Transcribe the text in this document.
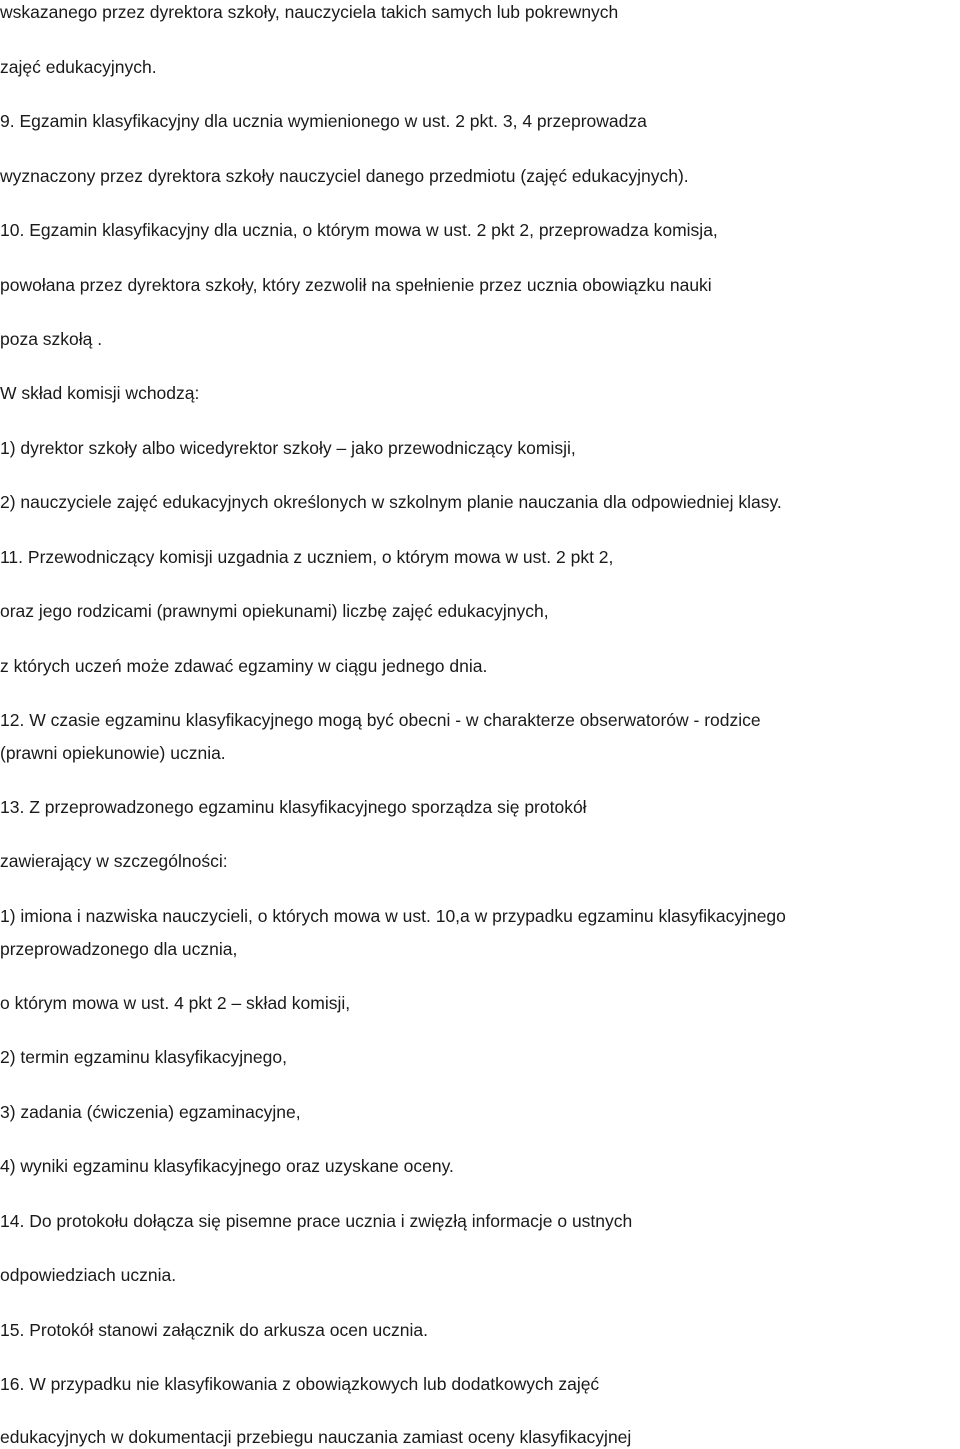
wskazanego przez dyrektora szkoły, nauczyciela takich samych lub pokrewnych

zajęć edukacyjnych.

9. Egzamin klasyfikacyjny dla ucznia wymienionego w ust. 2 pkt. 3, 4 przeprowadza

wyznaczony przez dyrektora szkoły nauczyciel danego przedmiotu (zajęć edukacyjnych).

10. Egzamin klasyfikacyjny dla ucznia, o którym mowa w ust. 2 pkt 2, przeprowadza komisja,

powołana przez dyrektora szkoły, który zezwolił na spełnienie przez ucznia obowiązku nauki

poza szkołą .

W skład komisji wchodzą:

1) dyrektor szkoły albo wicedyrektor szkoły – jako przewodniczący komisji,

2) nauczyciele zajęć edukacyjnych określonych w szkolnym planie nauczania dla odpowiedniej klasy.

11. Przewodniczący komisji uzgadnia z uczniem, o którym mowa w ust. 2 pkt 2,

oraz jego rodzicami (prawnymi opiekunami) liczbę zajęć edukacyjnych,

z których uczeń może zdawać egzaminy w ciągu jednego dnia.

12. W czasie egzaminu klasyfikacyjnego mogą być obecni - w charakterze obserwatorów - rodzice

(prawni opiekunowie) ucznia.

13. Z przeprowadzonego egzaminu klasyfikacyjnego sporządza się protokół

zawierający w szczególności:

1) imiona i nazwiska nauczycieli, o których mowa w ust. 10,a w przypadku egzaminu klasyfikacyjnego

przeprowadzonego dla ucznia,

o którym mowa w ust. 4 pkt 2 – skład komisji,

2) termin egzaminu klasyfikacyjnego,

3) zadania (ćwiczenia) egzaminacyjne,

4) wyniki egzaminu klasyfikacyjnego oraz uzyskane oceny.

14. Do protokołu dołącza się pisemne prace ucznia i zwięzłą informacje o ustnych

odpowiedziach ucznia.

15. Protokół stanowi załącznik do arkusza ocen ucznia.

16. W przypadku nie klasyfikowania z obowiązkowych lub dodatkowych zajęć

edukacyjnych w dokumentacji przebiegu nauczania zamiast oceny klasyfikacyjnej
